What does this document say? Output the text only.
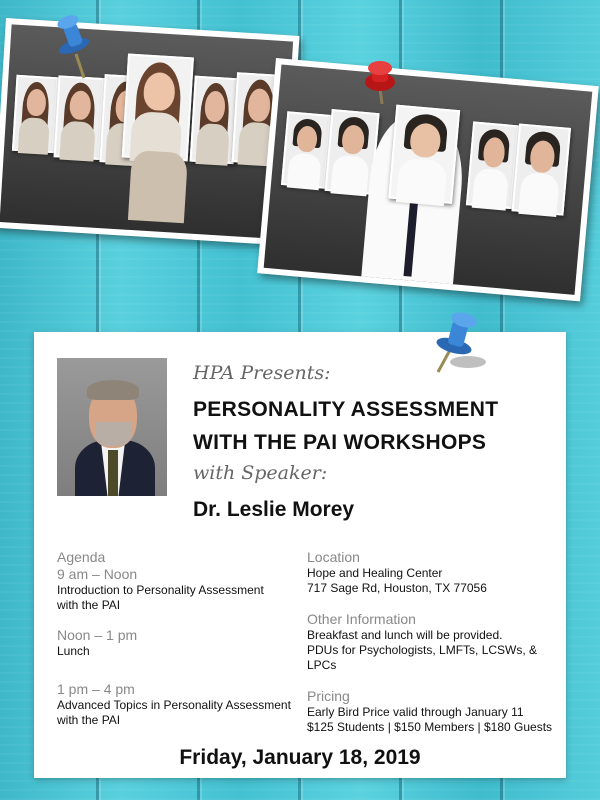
HPA Presents:
PERSONALITY ASSESSMENT
WITH THE PAI WORKSHOPS
with Speaker:
Dr. Leslie Morey
Agenda
9 am – Noon
Introduction to Personality Assessment
with the PAI
Noon – 1 pm
Lunch
1 pm – 4 pm
Advanced Topics in Personality Assessment
with the PAI
Location
Hope and Healing Center
717 Sage Rd, Houston, TX 77056
Other Information
Breakfast and lunch will be provided.
PDUs for Psychologists, LMFTs, LCSWs, & LPCs
Pricing
Early Bird Price valid through January 11
$125 Students | $150 Members | $180 Guests
Friday, January 18, 2019
